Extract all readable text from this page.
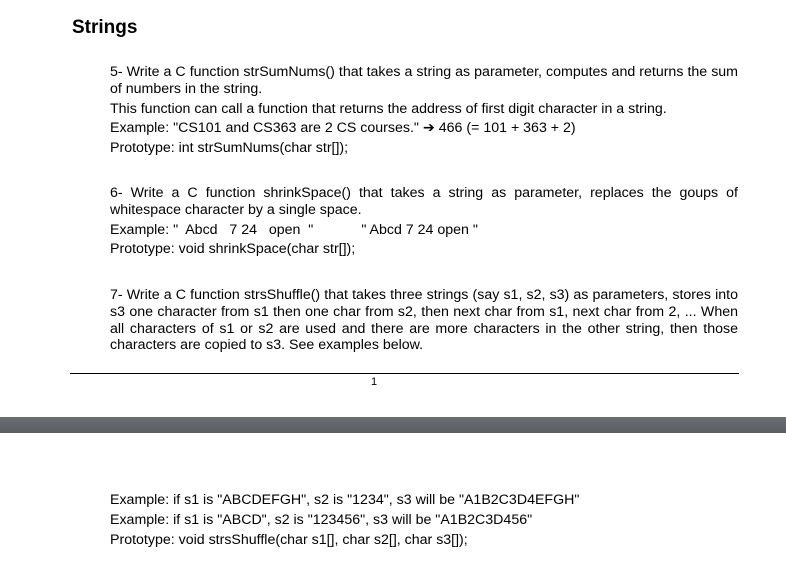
Strings

5- Write a C function strSumNums() that takes a string as parameter, computes and returns the sum of numbers in the string.

This function can call a function that returns the address of first digit character in a string.

Example: "CS101 and CS363 are 2 CS courses." ➔ 466 (= 101 + 363 + 2)

Prototype: int strSumNums(char str[]);

6- Write a C function shrinkSpace() that takes a string as parameter, replaces the goups of whitespace character by a single space.

Example: "  Abcd   7 24   open  "	" Abcd 7 24 open "

Prototype: void shrinkSpace(char str[]);

7- Write a C function strsShuffle() that takes three strings (say s1, s2, s3) as parameters, stores into s3 one character from s1 then one char from s2, then next char from s1, next char from 2, ... When all characters of s1 or s2 are used and there are more characters in the other string, then those characters are copied to s3. See examples below.

1

Example: if s1 is "ABCDEFGH", s2 is "1234", s3 will be "A1B2C3D4EFGH"

Example: if s1 is "ABCD", s2 is "123456", s3 will be "A1B2C3D456"

Prototype: void strsShuffle(char s1[], char s2[], char s3[]);
